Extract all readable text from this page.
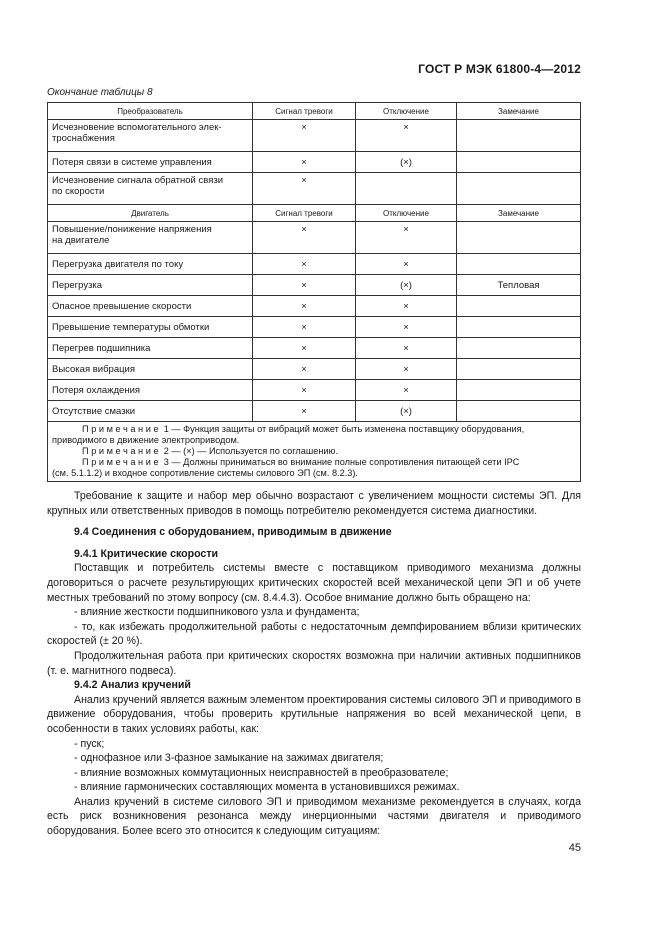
ГОСТ Р МЭК 61800-4—2012
Окончание таблицы 8
Преобразователь	Сигнал тревоги	Отключение	Замечание
Исчезновение вспомогательного элек-
троснабжения	×	×	
Потеря связи в системе управления	×	(×)	
Исчезновение сигнала обратной связи
по скорости	×		
Двигатель	Сигнал тревоги	Отключение	Замечание
Повышение/понижение напряжения
на двигателе	×	×	
Перегрузка двигателя по току	×	×	
Перегрузка	×	(×)	Тепловая
Опасное превышение скорости	×	×	
Превышение температуры обмотки	×	×	
Перегрев подшипника	×	×	
Высокая вибрация	×	×	
Потеря охлаждения	×	×	
Отсутствие смазки	×	(×)	

Примечание 1 — Функция защиты от вибраций может быть изменена поставщику оборудования,

приводимого в движение электроприводом.

Примечание 2 — (×) — Используется по соглашению.

Примечание 3 — Должны приниматься во внимание полные сопротивления питающей сети IPC

(см. 5.1.1.2) и входное сопротивление системы силового ЭП (см. 8.2.3).			

Требование к защите и набор мер обычно возрастают с увеличением мощности системы ЭП. Для крупных или ответственных приводов в помощь потребителю рекомендуется система диагностики.

9.4 Соединения с оборудованием, приводимым в движение
9.4.1 Критические скорости

Поставщик и потребитель системы вместе с поставщиком приводимого механизма должны договориться о расчете результирующих критических скоростей всей механической цепи ЭП и об учете местных требований по этому вопросу (см. 8.4.4.3). Особое внимание должно быть обращено на:

- влияние жесткости подшипникового узла и фундамента;

- то, как избежать продолжительной работы с недостаточным демпфированием вблизи критических скоростей (± 20 %).

Продолжительная работа при критических скоростях возможна при наличии активных подшипников (т. е. магнитного подвеса).

9.4.2 Анализ кручений

Анализ кручений является важным элементом проектирования системы силового ЭП и приводимого в движение оборудования, чтобы проверить крутильные напряжения во всей механической цепи, в особенности в таких условиях работы, как:

- пуск;

- однофазное или 3-фазное замыкание на зажимах двигателя;

- влияние возможных коммутационных неисправностей в преобразователе;

- влияние гармонических составляющих момента в установившихся режимах.

Анализ кручений в системе силового ЭП и приводимом механизме рекомендуется в случаях, когда есть риск возникновения резонанса между инерционными частями двигателя и приводимого оборудования. Более всего это относится к следующим ситуациям:

45
